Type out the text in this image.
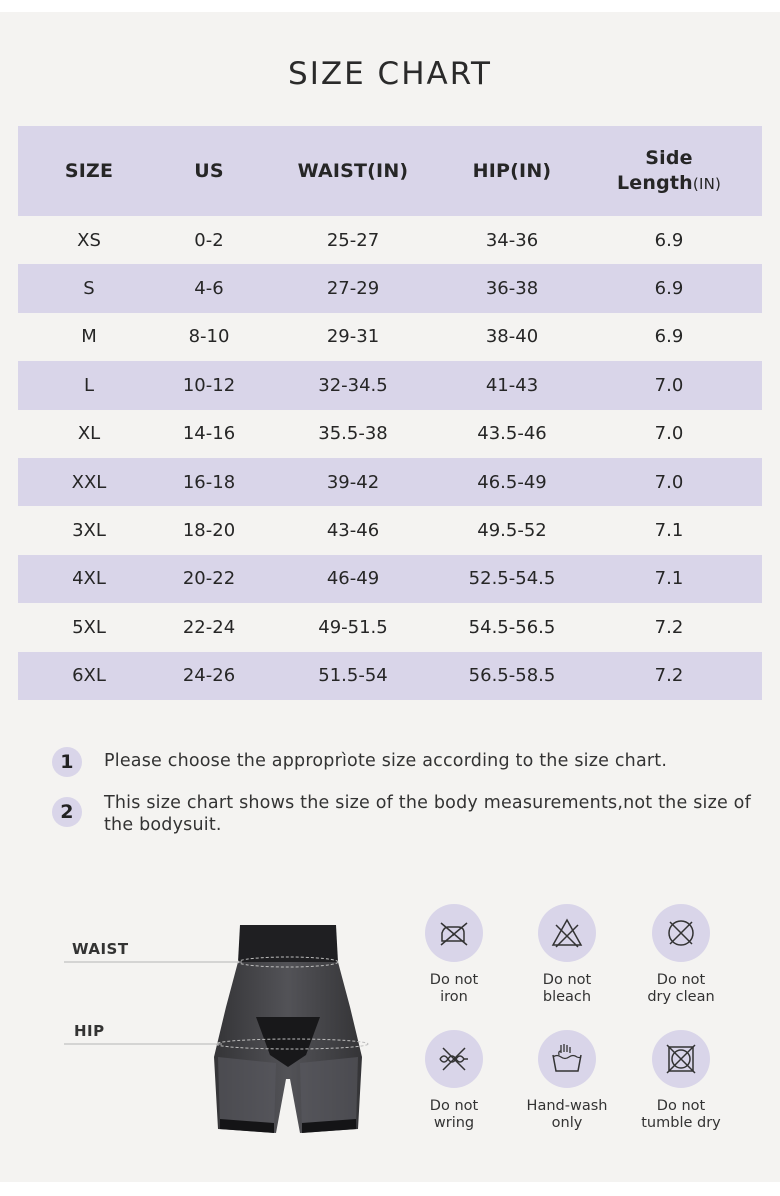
SIZE CHART
SIZE	US	WAIST(IN)	HIP(IN)	Side
Length(IN)
XS	0-2	25-27	34-36	6.9
S	4-6	27-29	36-38	6.9
M	8-10	29-31	38-40	6.9
L	10-12	32-34.5	41-43	7.0
XL	14-16	35.5-38	43.5-46	7.0
XXL	16-18	39-42	46.5-49	7.0
3XL	18-20	43-46	49.5-52	7.1
4XL	20-22	46-49	52.5-54.5	7.1
5XL	22-24	49-51.5	54.5-56.5	7.2
6XL	24-26	51.5-54	56.5-58.5	7.2
1	Please choose the approprìote size according to the size chart.
2	This size chart shows the size of the body measurements,not the size of the bodysuit.
WAIST
HIP
Do not
iron
Do not
bleach
Do not
dry clean
Do not
wring
Hand-wash
only
Do not
tumble dry
